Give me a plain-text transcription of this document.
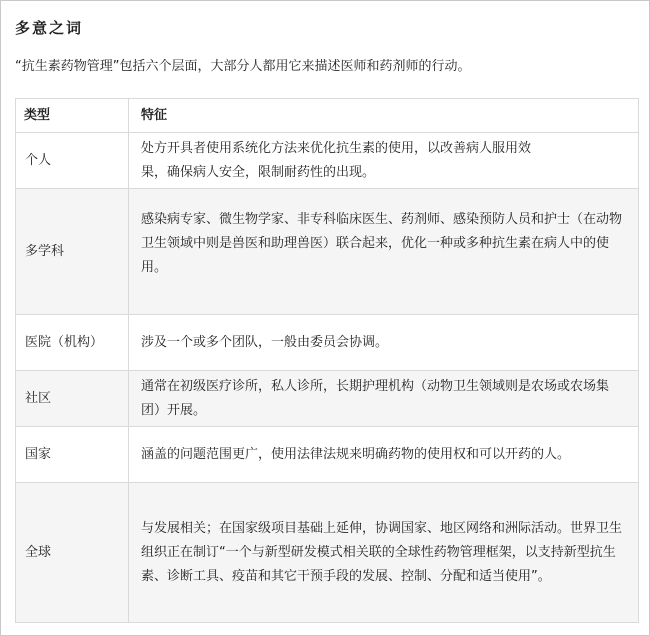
多意之词
“抗生素药物管理”包括六个层面，大部分人都用它来描述医师和药剂师的行动。
类型	特征
个人	处方开具者使用系统化方法来优化抗生素的使用，以改善病人服用效果，确保病人安全，限制耐药性的出现。
多学科	感染病专家、微生物学家、非专科临床医生、药剂师、感染预防人员和护士（在动物卫生领域中则是兽医和助理兽医）联合起来，优化一种或多种抗生素在病人中的使用。
医院（机构）	涉及一个或多个团队，一般由委员会协调。
社区	通常在初级医疗诊所，私人诊所，长期护理机构（动物卫生领域则是农场或农场集团）开展。
国家	涵盖的问题范围更广，使用法律法规来明确药物的使用权和可以开药的人。
全球	与发展相关；在国家级项目基础上延伸，协调国家、地区网络和洲际活动。世界卫生组织正在制订“一个与新型研发模式相关联的全球性药物管理框架，以支持新型抗生素、诊断工具、疫苗和其它干预手段的发展、控制、分配和适当使用”。
